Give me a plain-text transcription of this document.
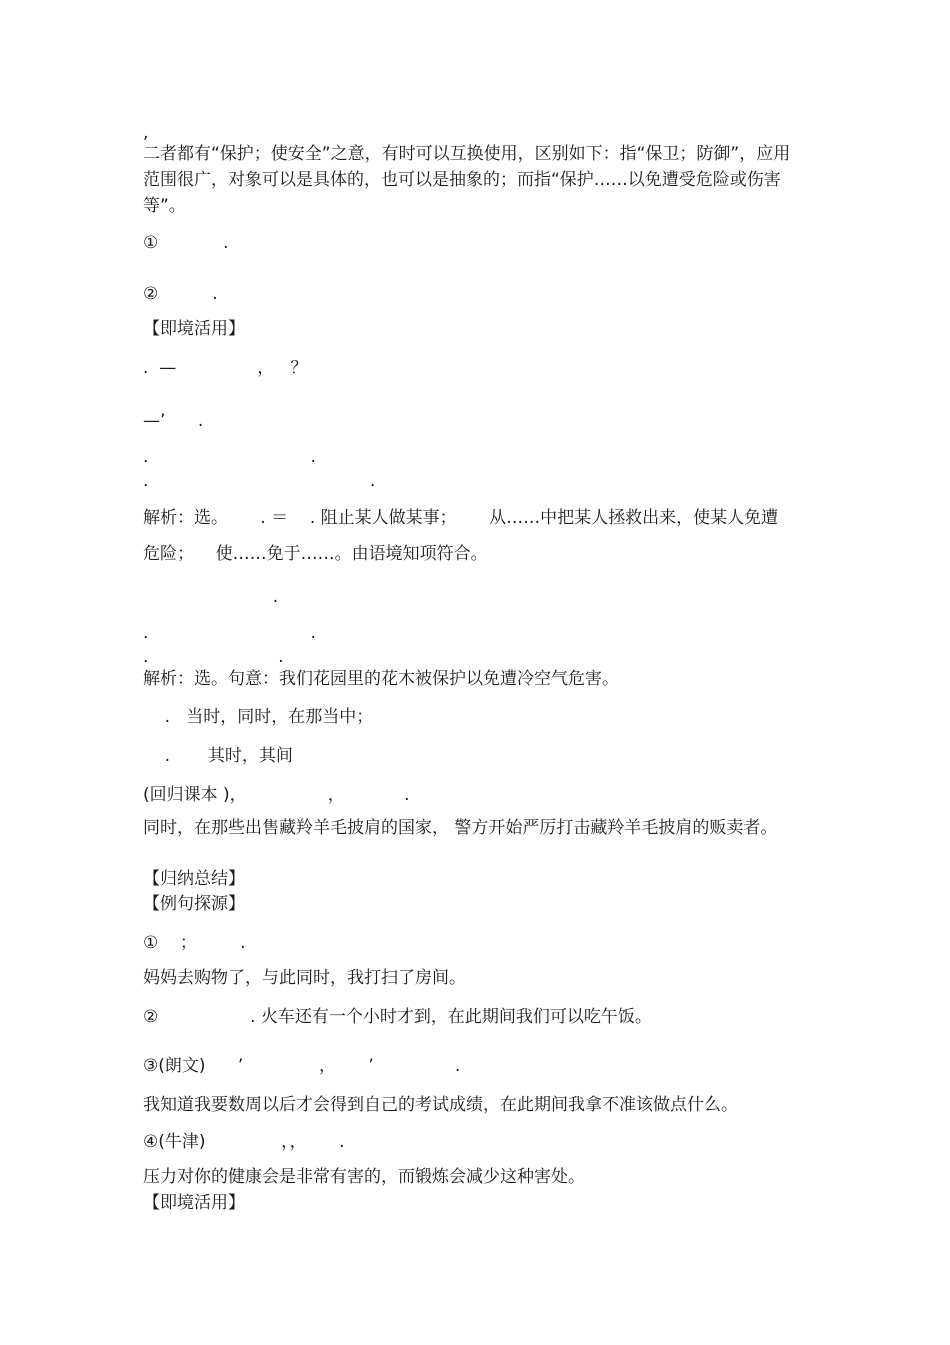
,
二者都有“保护；使安全”之意，有时可以互换使用，区别如下：指“保卫；防御”，应用范围很广，对象可以是具体的，也可以是抽象的；而指“保护……以免遭受危险或伤害等”。
①            .
②          .
【即境活用】
.  —               ，   ？
—’      .
.                              .
.                                         .
解析：选。      . ＝    . 阻止某人做某事；      从……中把某人拯救出来，使某人免遭
危险；    使……免于……。由语境知项符合。
.
.                              .
.                        .
解析：选。句意：我们花园里的花木被保护以免遭冷空气危害。
.   当时，同时，在那当中；
.       其时，其间
(回归课本 )，               ，           .
同时，在那些出售藏羚羊毛披肩的国家， 警方开始严厉打击藏羚羊毛披肩的贩卖者。
【归纳总结】
【例句探源】
①    ；        .
妈妈去购物了，与此同时，我打扫了房间。
②                 . 火车还有一个小时才到，在此期间我们可以吃午饭。
③(朗文)      ’              ，      ’               .
我知道我要数周以后才会得到自己的考试成绩，在此期间我拿不准该做点什么。
④(牛津)              ，，      .
压力对你的健康会是非常有害的，而锻炼会减少这种害处。
【即境活用】
